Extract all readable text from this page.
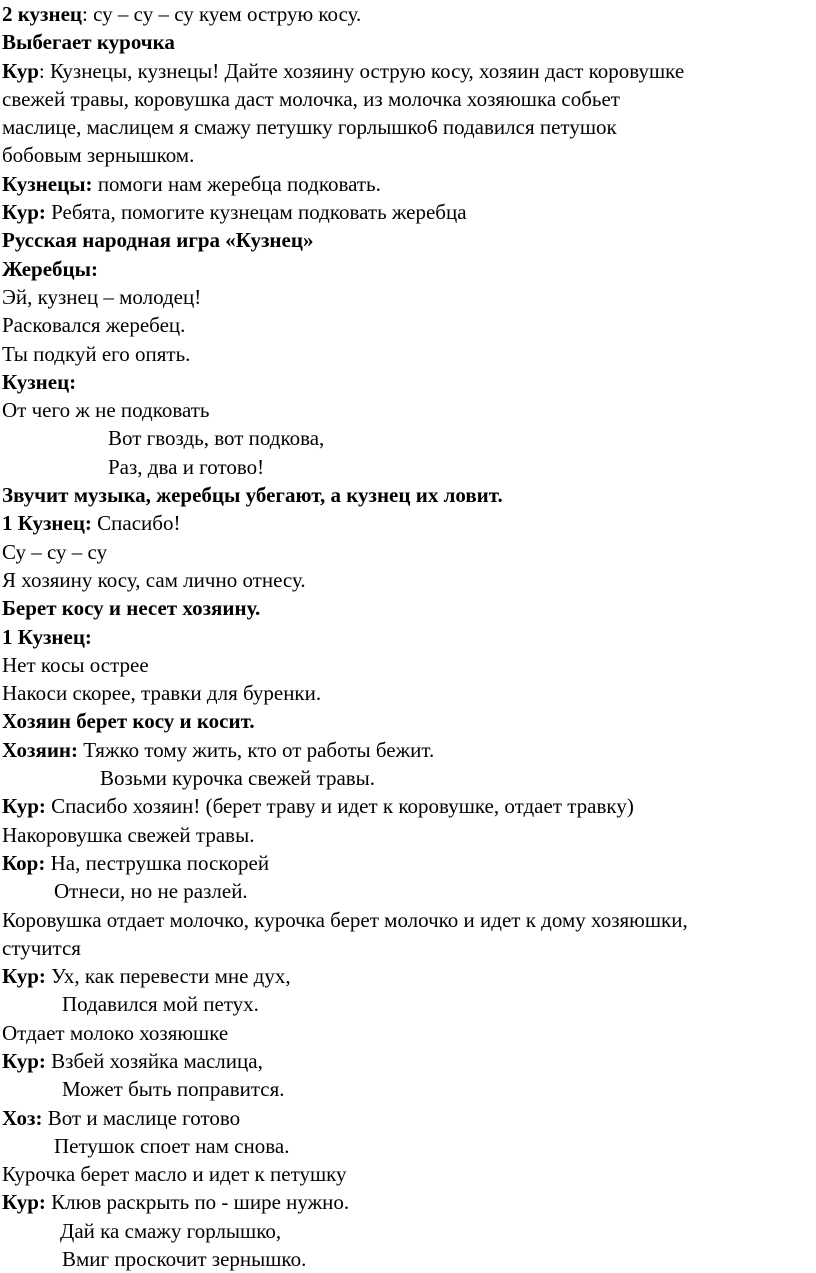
2 кузнец: су – су – су куем острую косу.
Выбегает курочка
Кур: Кузнецы, кузнецы! Дайте хозяину острую косу, хозяин даст коровушке
свежей травы, коровушка даст молочка, из молочка хозяюшка собьет
маслице, маслицем я смажу петушку горлышко6 подавился петушок
бобовым зернышком.
Кузнецы: помоги нам жеребца подковать.
Кур: Ребята, помогите кузнецам подковать жеребца
Русская народная игра «Кузнец»
Жеребцы:
Эй, кузнец – молодец!
Расковался жеребец.
Ты подкуй его опять.
Кузнец:
От чего ж не подковать
Вот гвоздь, вот подкова,
Раз, два и готово!
Звучит музыка, жеребцы убегают, а кузнец их ловит.
1 Кузнец: Спасибо!
Су – су – су
Я хозяину косу, сам лично отнесу.
Берет косу и несет хозяину.
1 Кузнец:
Нет косы острее
Накоси скорее, травки для буренки.
Хозяин берет косу и косит.
Хозяин: Тяжко тому жить, кто от работы бежит.
Возьми курочка свежей травы.
Кур: Спасибо хозяин! (берет траву и идет к коровушке, отдает травку)
Накоровушка свежей травы.
Кор: На, пеструшка поскорей
Отнеси, но не разлей.
Коровушка отдает молочко, курочка берет молочко и идет к дому хозяюшки,
стучится
Кур: Ух, как перевести мне дух,
Подавился мой петух.
Отдает молоко хозяюшке
Кур: Взбей хозяйка маслица,
Может быть поправится.
Хоз: Вот и маслице готово
Петушок споет нам снова.
Курочка берет масло и идет к петушку
Кур: Клюв раскрыть по - шире нужно.
Дай ка смажу горлышко,
Вмиг проскочит зернышко.
